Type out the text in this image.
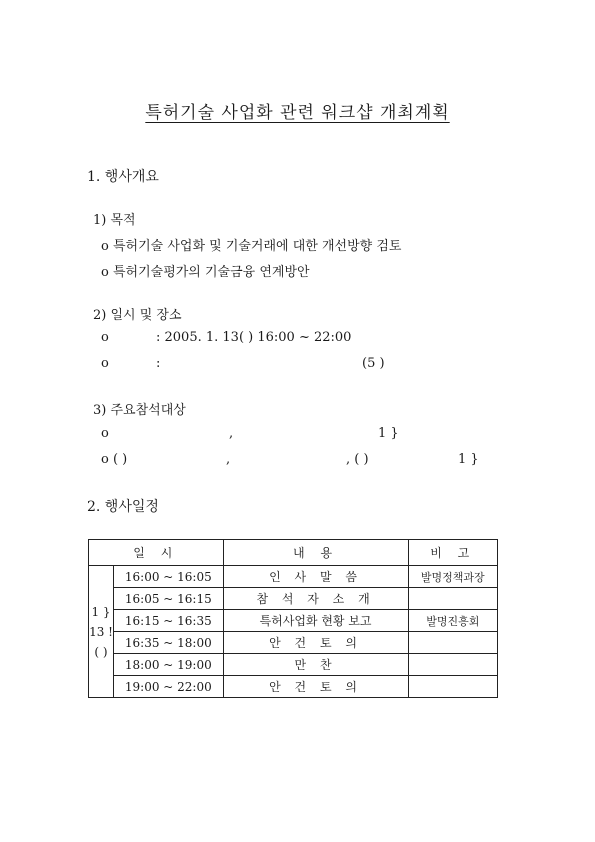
특허기술 사업화 관련 워크샵 개최계획
1. 행사개요
1) 목적
o 특허기술 사업화 및 기술거래에 대한 개선방향 검토
o 특허기술평가의 기술금융 연계방안
2) 일시 및 장소
o	: 2005. 1. 13( ) 16:00 ~ 22:00
o	:	(5 )
3) 주요참석대상
o	,	1 }
o ( )	,	, ( )	1 }
2. 행사일정
일 시		내 용	비 고

1 }
13 !
( )	16:00 ~ 16:05	인 사 말 씀	발명정책과장
	16:05 ~ 16:15	참 석 자 소 개	
	16:15 ~ 16:35	특허사업화 현황 보고	발명진흥회
	16:35 ~ 18:00	안 건 토 의	
	18:00 ~ 19:00	만 찬	
	19:00 ~ 22:00	안 건 토 의	
